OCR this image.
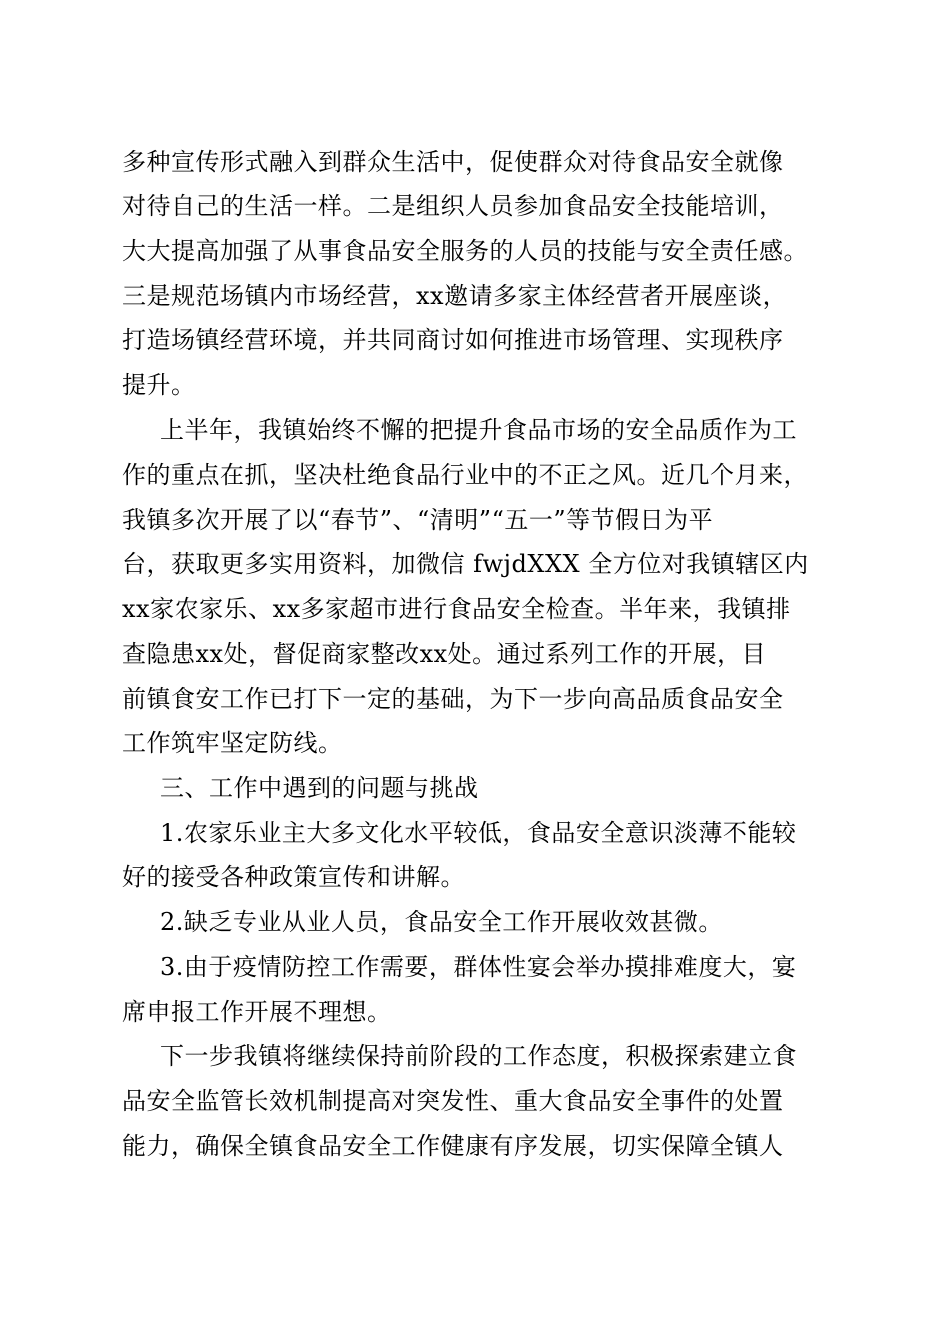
多种宣传形式融入到群众生活中，促使群众对待食品安全就像
对待自己的生活一样。二是组织人员参加食品安全技能培训，
大大提高加强了从事食品安全服务的人员的技能与安全责任感。
三是规范场镇内市场经营，xx邀请多家主体经营者开展座谈，
打造场镇经营环境，并共同商讨如何推进市场管理、实现秩序
提升。
上半年，我镇始终不懈的把提升食品市场的安全品质作为工
作的重点在抓，坚决杜绝食品行业中的不正之风。近几个月来，
我镇多次开展了以“春节”、“清明”“五一”等节假日为平
台，获取更多实用资料，加微信 fwjdXXX 全方位对我镇辖区内
xx家农家乐、xx多家超市进行食品安全检查。半年来，我镇排
查隐患xx处，督促商家整改xx处。通过系列工作的开展，目
前镇食安工作已打下一定的基础，为下一步向高品质食品安全
工作筑牢坚定防线。
三、工作中遇到的问题与挑战
1.农家乐业主大多文化水平较低，食品安全意识淡薄不能较
好的接受各种政策宣传和讲解。
2.缺乏专业从业人员，食品安全工作开展收效甚微。
3.由于疫情防控工作需要，群体性宴会举办摸排难度大，宴
席申报工作开展不理想。
下一步我镇将继续保持前阶段的工作态度，积极探索建立食
品安全监管长效机制提高对突发性、重大食品安全事件的处置
能力，确保全镇食品安全工作健康有序发展，切实保障全镇人
